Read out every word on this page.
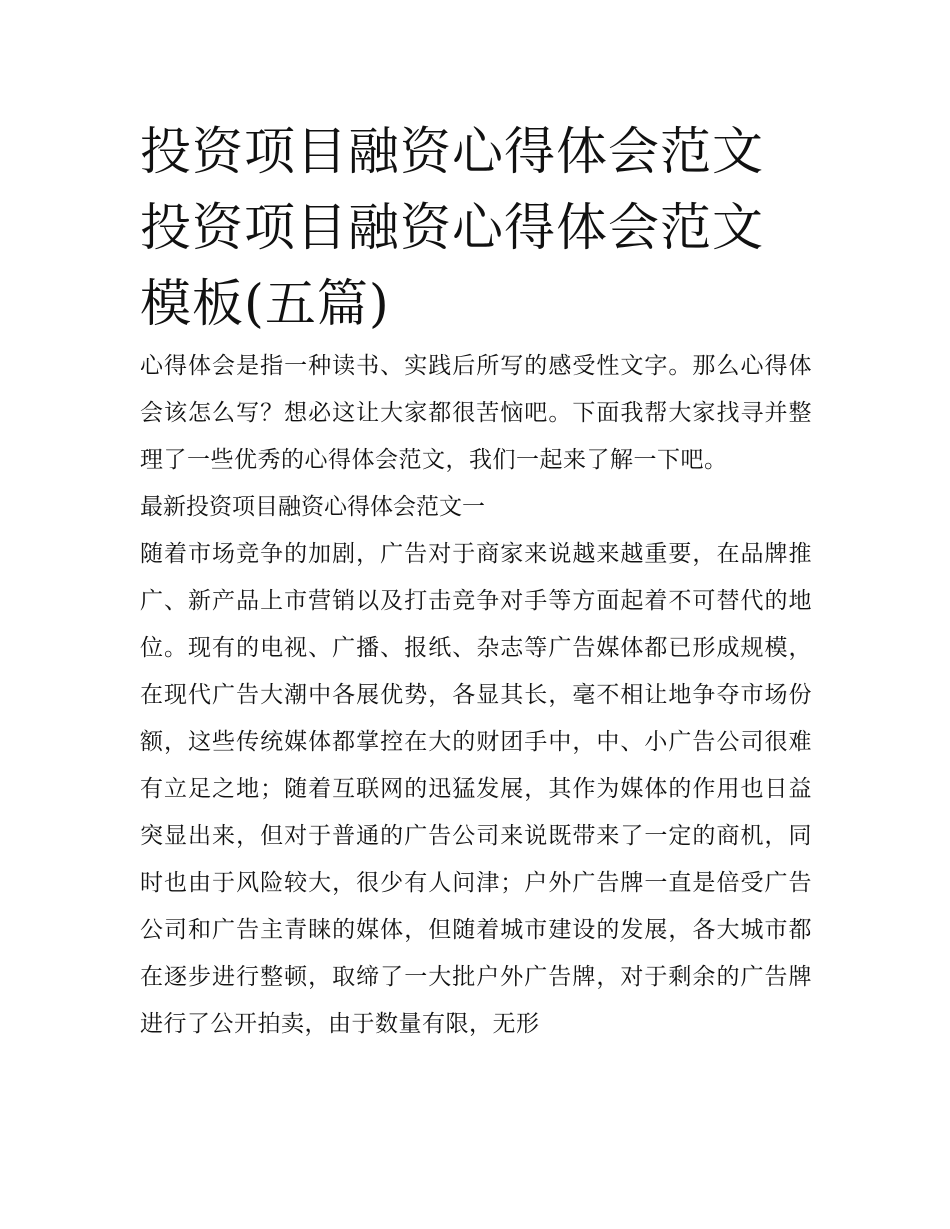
投资项目融资心得体会范文 投资项目融资心得体会范文模板(五篇)

心得体会是指一种读书、实践后所写的感受性文字。那么心得体会该怎么写？想必这让大家都很苦恼吧。下面我帮大家找寻并整理了一些优秀的心得体会范文，我们一起来了解一下吧。

最新投资项目融资心得体会范文一

随着市场竞争的加剧，广告对于商家来说越来越重要，在品牌推广、新产品上市营销以及打击竞争对手等方面起着不可替代的地位。现有的电视、广播、报纸、杂志等广告媒体都已形成规模，在现代广告大潮中各展优势，各显其长，毫不相让地争夺市场份额，这些传统媒体都掌控在大的财团手中，中、小广告公司很难有立足之地；随着互联网的迅猛发展，其作为媒体的作用也日益突显出来，但对于普通的广告公司来说既带来了一定的商机，同时也由于风险较大，很少有人问津；户外广告牌一直是倍受广告公司和广告主青睐的媒体，但随着城市建设的发展，各大城市都在逐步进行整顿，取缔了一大批户外广告牌，对于剩余的广告牌进行了公开拍卖，由于数量有限，无形
